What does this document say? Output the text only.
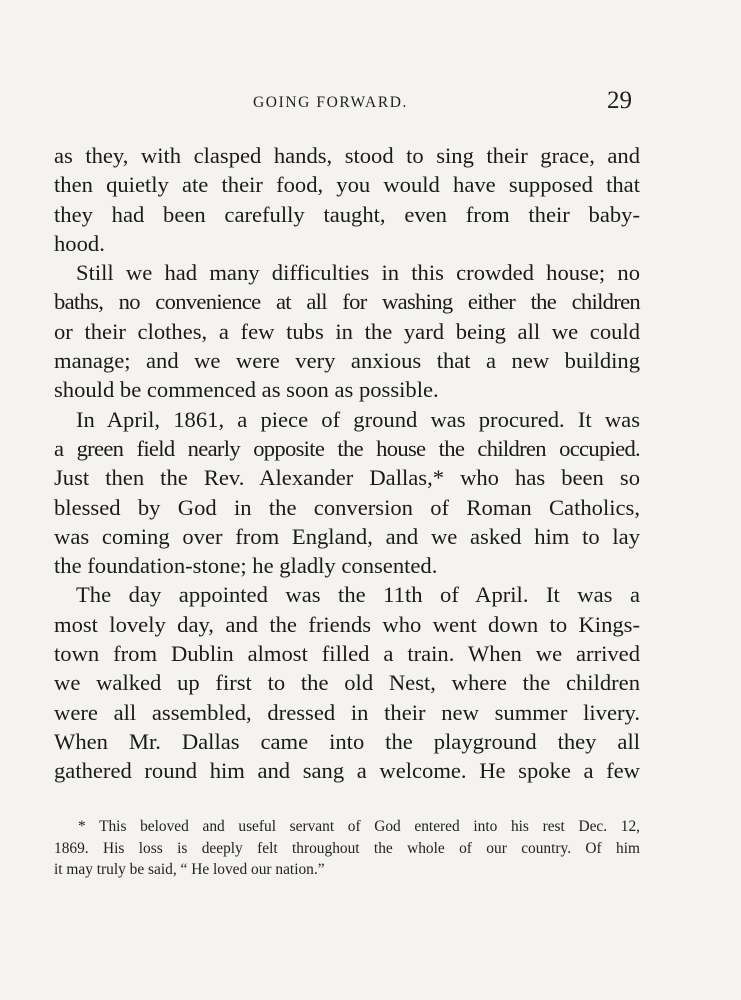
GOING FORWARD.	29

as they, with clasped hands, stood to sing their grace, and
then quietly ate their food, you would have supposed that
they had been carefully taught, even from their baby-
hood.

Still we had many difficulties in this crowded house; no
baths, no convenience at all for washing either the children
or their clothes, a few tubs in the yard being all we could
manage; and we were very anxious that a new building
should be commenced as soon as possible.

In April, 1861, a piece of ground was procured. It was
a green field nearly opposite the house the children occupied.
Just then the Rev. Alexander Dallas,* who has been so
blessed by God in the conversion of Roman Catholics,
was coming over from England, and we asked him to lay
the foundation-stone; he gladly consented.

The day appointed was the 11th of April. It was a
most lovely day, and the friends who went down to Kings-
town from Dublin almost filled a train. When we arrived
we walked up first to the old Nest, where the children
were all assembled, dressed in their new summer livery.
When Mr. Dallas came into the playground they all
gathered round him and sang a welcome. He spoke a few

* This beloved and useful servant of God entered into his rest Dec. 12,
1869. His loss is deeply felt throughout the whole of our country. Of him
it may truly be said, “ He loved our nation.”
